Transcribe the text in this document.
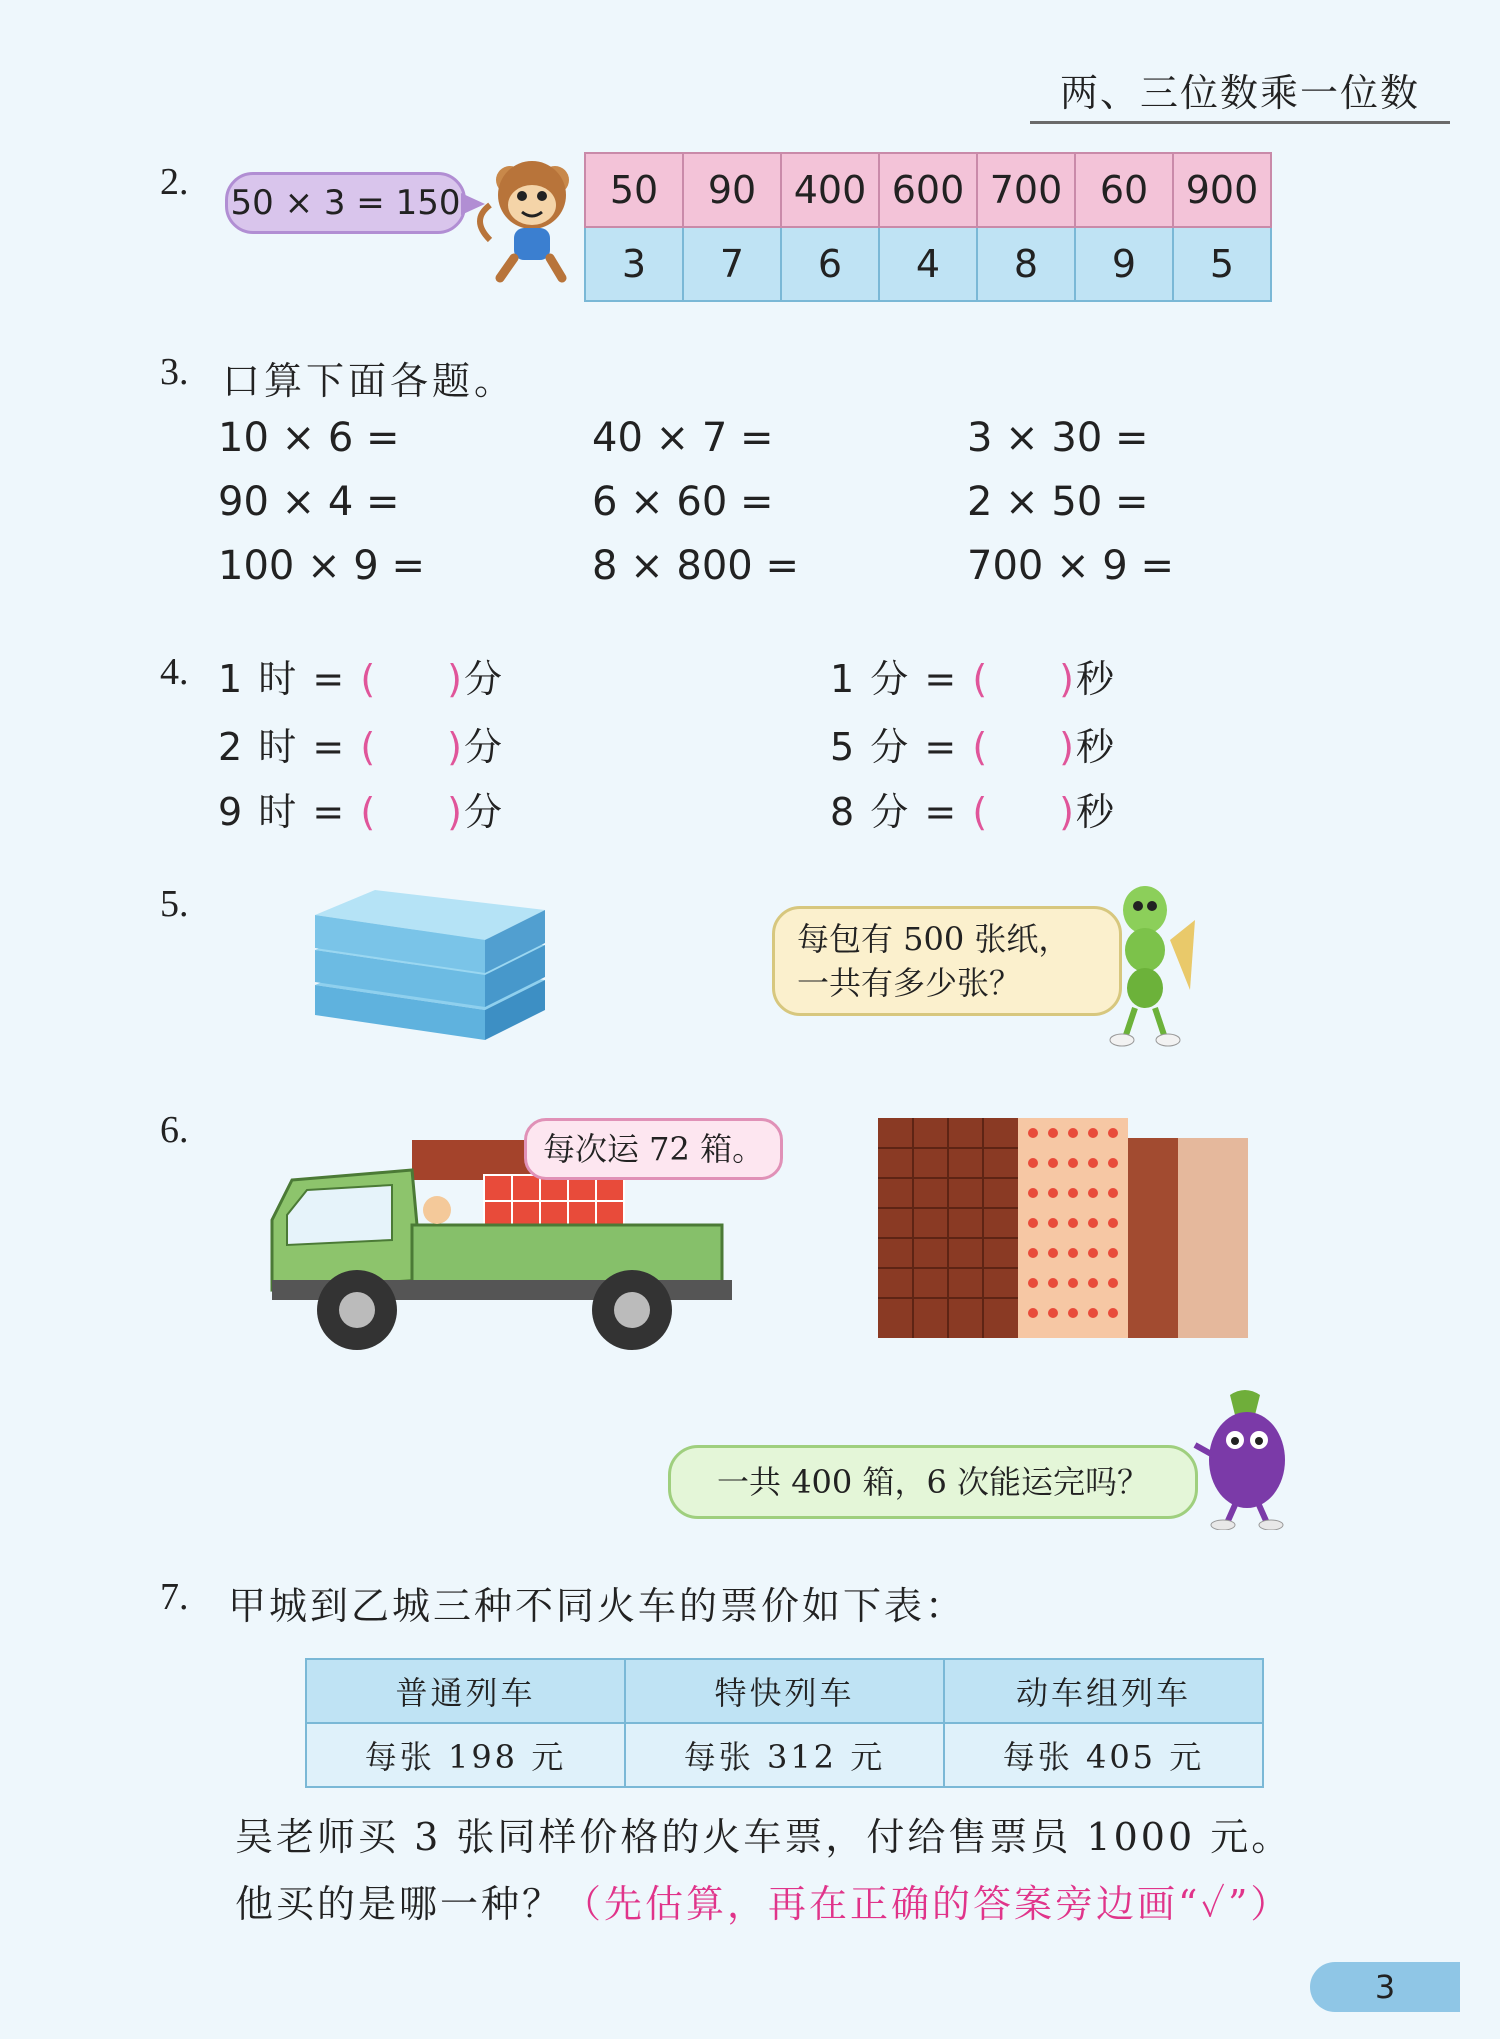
两、三位数乘一位数
2. 50 × 3 = 150	50	90	400	600	700	60	900
3	7	6	4	8	9	5
3. 口算下面各题。
10 × 6 =
90 × 4 =
100 × 9 =
40 × 7 =
6 × 60 =
8 × 800 =
3 × 30 =
2 × 50 =
700 × 9 =
4. 1 时 = ( )分
2 时 = ( )分
9 时 = ( )分
1 分 = ( )秒
5 分 = ( )秒
8 分 = ( )秒
5.
每包有 500 张纸，
一共有多少张？
6.	每次运 72 箱。
一共 400 箱，6 次能运完吗？
7. 甲城到乙城三种不同火车的票价如下表：
普通列车	特快列车	动车组列车
每张 198 元	每张 312 元	每张 405 元
吴老师买 3 张同样价格的火车票，付给售票员 1000 元。
他买的是哪一种？（先估算，再在正确的答案旁边画“✓”）
3
